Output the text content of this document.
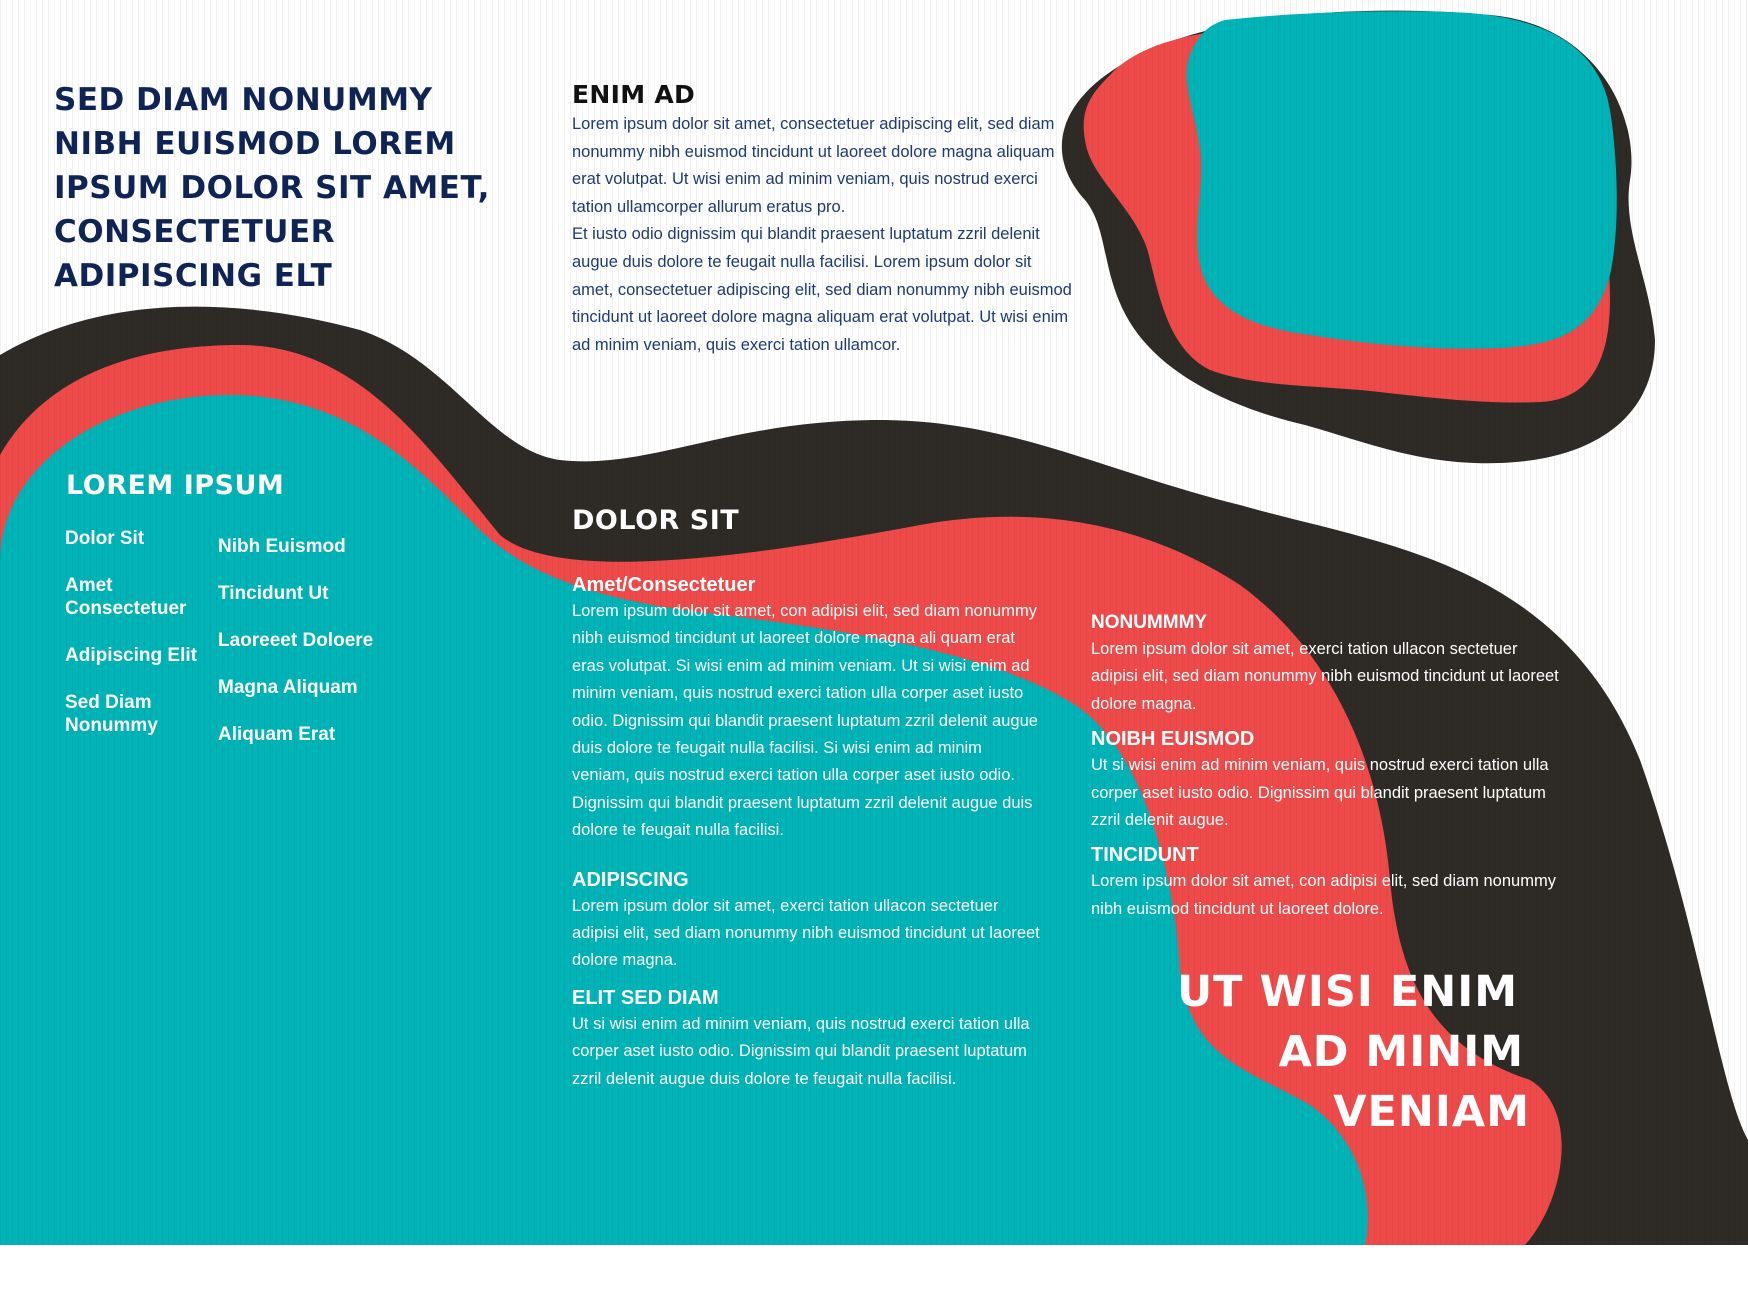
SED DIAM NONUMMY NIBH EUISMOD LOREM IPSUM DOLOR SIT AMET, CONSECTETUER ADIPISCING ELT
ENIM AD
Lorem ipsum dolor sit amet, consectetuer adipiscing elit, sed diam nonummy nibh euismod tincidunt ut laoreet dolore magna aliquam erat volutpat. Ut wisi enim ad minim veniam, quis nostrud exerci tation ullamcorper allurum eratus pro.
Et iusto odio dignissim qui blandit praesent luptatum zzril delenit augue duis dolore te feugait nulla facilisi. Lorem ipsum dolor sit amet, consectetuer adipiscing elit, sed diam nonummy nibh euismod tincidunt ut laoreet dolore magna aliquam erat volutpat. Ut wisi enim ad minim veniam, quis exerci tation ullamcor.
LOREM IPSUM
Dolor Sit
Amet Consectetuer
Adipiscing Elit
Sed Diam Nonummy
Nibh Euismod
Tincidunt Ut
Laoreeet Doloere
Magna Aliquam
Aliquam Erat
DOLOR SIT
Amet/Consectetuer
Lorem ipsum dolor sit amet, con adipisi elit, sed diam nonummy nibh euismod tincidunt ut laoreet dolore magna ali quam erat eras volutpat. Si wisi enim ad minim veniam. Ut si wisi enim ad minim veniam, quis nostrud exerci tation ulla corper aset iusto odio. Dignissim qui blandit praesent luptatum zzril delenit augue duis dolore te feugait nulla facilisi. Si wisi enim ad minim veniam, quis nostrud exerci tation ulla corper aset iusto odio. Dignissim qui blandit praesent luptatum zzril delenit augue duis dolore te feugait nulla facilisi.
ADIPISCING
Lorem ipsum dolor sit amet, exerci tation ullacon sectetuer adipisi elit, sed diam nonummy nibh euismod tincidunt ut laoreet dolore magna.
ELIT SED DIAM
Ut si wisi enim ad minim veniam, quis nostrud exerci tation ulla corper aset iusto odio. Dignissim qui blandit praesent luptatum zzril delenit augue duis dolore te feugait nulla facilisi.
NONUMMMY
Lorem ipsum dolor sit amet, exerci tation ullacon sectetuer adipisi elit, sed diam nonummy nibh euismod tincidunt ut laoreet dolore magna.
NOIBH EUISMOD
Ut si wisi enim ad minim veniam, quis nostrud exerci tation ulla corper aset iusto odio. Dignissim qui blandit praesent luptatum zzril delenit augue.
TINCIDUNT
Lorem ipsum dolor sit amet, con adipisi elit, sed diam nonummy nibh euismod tincidunt ut laoreet dolore.
UT WISI ENIM
AD MINIM
VENIAM
